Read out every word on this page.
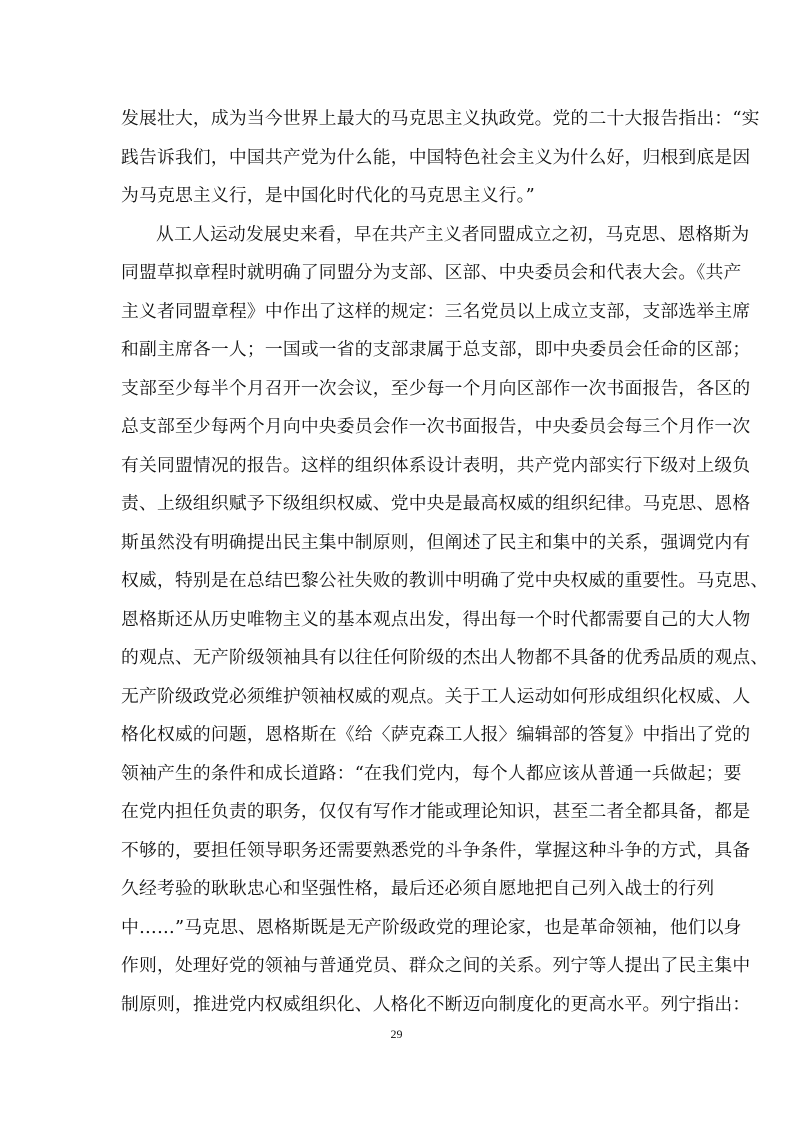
发展壮大，成为当今世界上最大的马克思主义执政党。党的二十大报告指出：“实
践告诉我们，中国共产党为什么能，中国特色社会主义为什么好，归根到底是因
为马克思主义行，是中国化时代化的马克思主义行。”
从工人运动发展史来看，早在共产主义者同盟成立之初，马克思、恩格斯为
同盟草拟章程时就明确了同盟分为支部、区部、中央委员会和代表大会。《共产
主义者同盟章程》中作出了这样的规定：三名党员以上成立支部，支部选举主席
和副主席各一人；一国或一省的支部隶属于总支部，即中央委员会任命的区部；
支部至少每半个月召开一次会议，至少每一个月向区部作一次书面报告，各区的
总支部至少每两个月向中央委员会作一次书面报告，中央委员会每三个月作一次
有关同盟情况的报告。这样的组织体系设计表明，共产党内部实行下级对上级负
责、上级组织赋予下级组织权威、党中央是最高权威的组织纪律。马克思、恩格
斯虽然没有明确提出民主集中制原则，但阐述了民主和集中的关系，强调党内有
权威，特别是在总结巴黎公社失败的教训中明确了党中央权威的重要性。马克思、
恩格斯还从历史唯物主义的基本观点出发，得出每一个时代都需要自己的大人物
的观点、无产阶级领袖具有以往任何阶级的杰出人物都不具备的优秀品质的观点、
无产阶级政党必须维护领袖权威的观点。关于工人运动如何形成组织化权威、人
格化权威的问题，恩格斯在《给〈萨克森工人报〉编辑部的答复》中指出了党的
领袖产生的条件和成长道路：“在我们党内，每个人都应该从普通一兵做起；要
在党内担任负责的职务，仅仅有写作才能或理论知识，甚至二者全都具备，都是
不够的，要担任领导职务还需要熟悉党的斗争条件，掌握这种斗争的方式，具备
久经考验的耿耿忠心和坚强性格，最后还必须自愿地把自己列入战士的行列
中……”马克思、恩格斯既是无产阶级政党的理论家，也是革命领袖，他们以身
作则，处理好党的领袖与普通党员、群众之间的关系。列宁等人提出了民主集中
制原则，推进党内权威组织化、人格化不断迈向制度化的更高水平。列宁指出：
29
